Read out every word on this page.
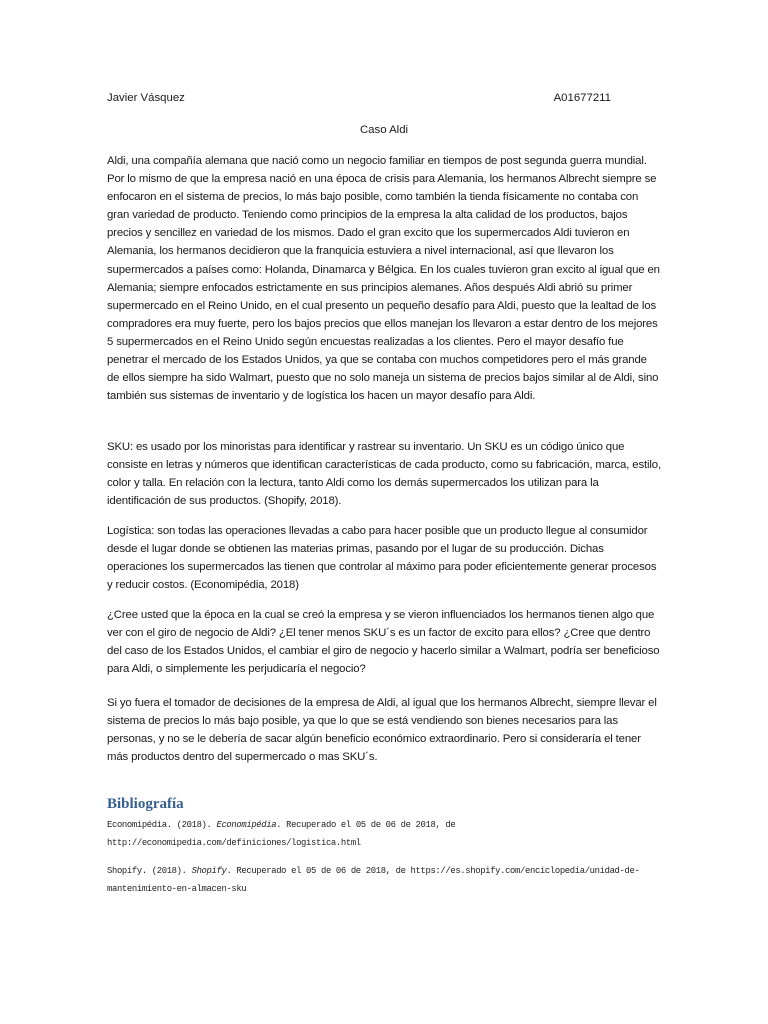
Javier Vásquez	A01677211
Caso Aldi

Aldi, una compañía alemana que nació como un negocio familiar en tiempos de post segunda guerra mundial. Por lo mismo de que la empresa nació en una época de crisis para Alemania, los hermanos Albrecht siempre se enfocaron en el sistema de precios, lo más bajo posible, como también la tienda físicamente no contaba con gran variedad de producto. Teniendo como principios de la empresa la alta calidad de los productos, bajos precios y sencillez en variedad de los mismos. Dado el gran excito que los supermercados Aldi tuvieron en Alemania, los hermanos decidieron que la franquicia estuviera a nivel internacional, así que llevaron los supermercados a países como: Holanda, Dinamarca y Bélgica. En los cuales tuvieron gran excito al igual que en Alemania; siempre enfocados estrictamente en sus principios alemanes. Años después Aldi abrió su primer supermercado en el Reino Unido, en el cual presento un pequeño desafío para Aldi, puesto que la lealtad de los compradores era muy fuerte, pero los bajos precios que ellos manejan los llevaron a estar dentro de los mejores 5 supermercados en el Reino Unido según encuestas realizadas a los clientes. Pero el mayor desafío fue penetrar el mercado de los Estados Unidos, ya que se contaba con muchos competidores pero el más grande de ellos siempre ha sido Walmart, puesto que no solo maneja un sistema de precios bajos similar al de Aldi, sino también sus sistemas de inventario y de logística los hacen un mayor desafío para Aldi.

SKU: es usado por los minoristas para identificar y rastrear su inventario. Un SKU es un código único que consiste en letras y números que identifican características de cada producto, como su fabricación, marca, estilo, color y talla. En relación con la lectura, tanto Aldi como los demás supermercados los utilizan para la identificación de sus productos. (Shopify, 2018).

Logística: son todas las operaciones llevadas a cabo para hacer posible que un producto llegue al consumidor desde el lugar donde se obtienen las materias primas, pasando por el lugar de su producción. Dichas operaciones los supermercados las tienen que controlar al máximo para poder eficientemente generar procesos y reducir costos. (Economipédia, 2018)

¿Cree usted que la época en la cual se creó la empresa y se vieron influenciados los hermanos tienen algo que ver con el giro de negocio de Aldi? ¿El tener menos SKU´s es un factor de excito para ellos? ¿Cree que dentro del caso de los Estados Unidos, el cambiar el giro de negocio y hacerlo similar a Walmart, podría ser beneficioso para Aldi, o simplemente les perjudicaría el negocio?

Si yo fuera el tomador de decisiones de la empresa de Aldi, al igual que los hermanos Albrecht, siempre llevar el sistema de precios lo más bajo posible, ya que lo que se está vendiendo son bienes necesarios para las personas, y no se le debería de sacar algún beneficio económico extraordinario. Pero si consideraría el tener más productos dentro del supermercado o mas SKU´s.

Bibliografía

Economipédia. (2018). Economipédia. Recuperado el 05 de 06 de 2018, de http://economipedia.com/definiciones/logistica.html

Shopify. (2018). Shopify. Recuperado el 05 de 06 de 2018, de https://es.shopify.com/enciclopedia/unidad-de-mantenimiento-en-almacen-sku
